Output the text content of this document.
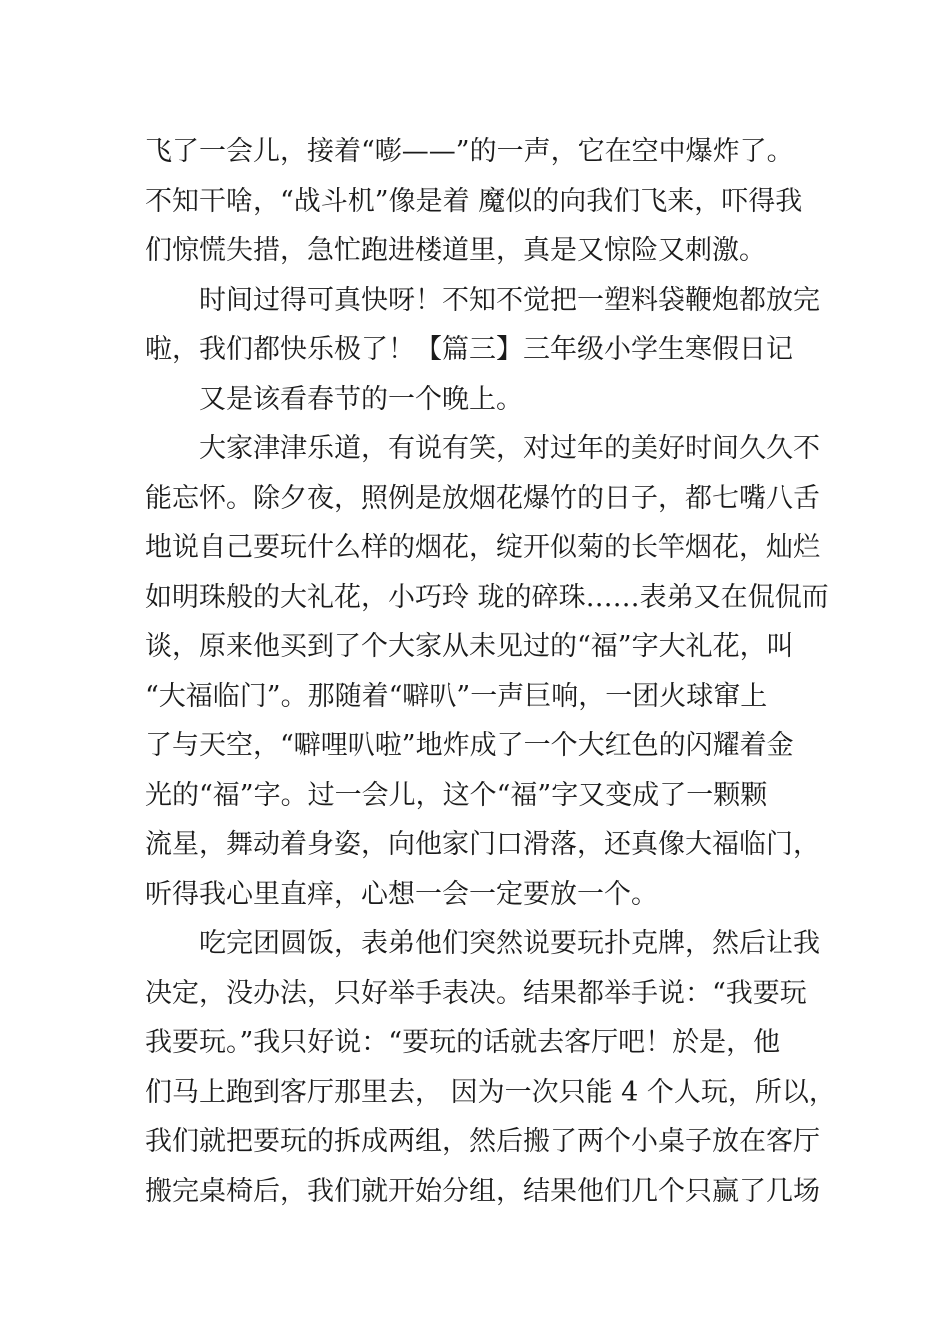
飞了一会儿，接着“嘭——”的一声，它在空中爆炸了。
不知干啥，“战斗机”像是着 魔似的向我们飞来，吓得我
们惊慌失措，急忙跑进楼道里，真是又惊险又刺激。
时间过得可真快呀！不知不觉把一塑料袋鞭炮都放完
啦，我们都快乐极了！【篇三】三年级小学生寒假日记
又是该看春节的一个晚上。
大家津津乐道，有说有笑，对过年的美好时间久久不
能忘怀。除夕夜，照例是放烟花爆竹的日子，都七嘴八舌
地说自己要玩什么样的烟花，绽开似菊的长竿烟花，灿烂
如明珠般的大礼花，小巧玲 珑的碎珠……表弟又在侃侃而
谈，原来他买到了个大家从未见过的“福”字大礼花，叫
“大福临门”。那随着“噼叭”一声巨响，一团火球窜上
了与天空，“噼哩叭啦”地炸成了一个大红色的闪耀着金
光的“福”字。过一会儿，这个“福”字又变成了一颗颗
流星，舞动着身姿，向他家门口滑落，还真像大福临门，
听得我心里直痒，心想一会一定要放一个。
吃完团圆饭，表弟他们突然说要玩扑克牌，然后让我
决定，没办法，只好举手表决。结果都举手说：“我要玩
我要玩。”我只好说：“要玩的话就去客厅吧！於是，他
们马上跑到客厅那里去， 因为一次只能 4 个人玩，所以，
我们就把要玩的拆成两组，然后搬了两个小桌子放在客厅
搬完桌椅后，我们就开始分组，结果他们几个只赢了几场
